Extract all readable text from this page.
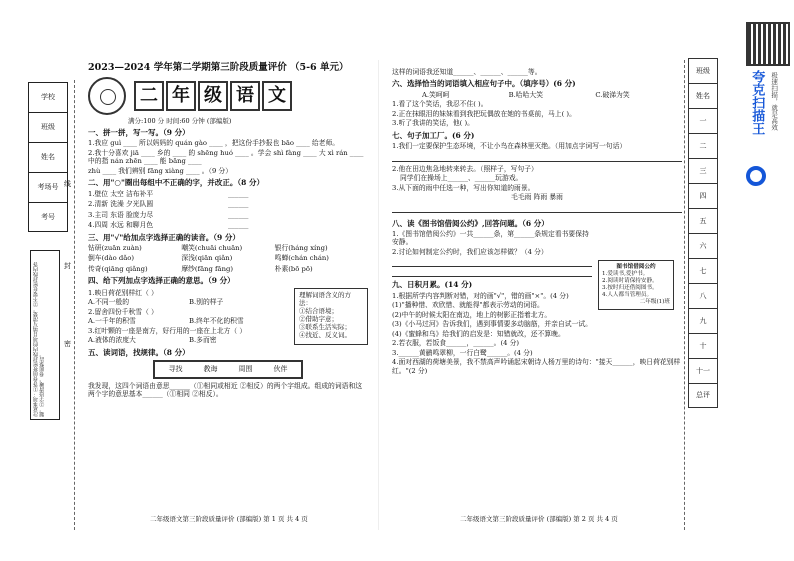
学校
班级
姓名
考场号
考号
注意事项：①答卷前将密封线内的项目填写清楚。②不要在密封线内答题。③字迹清晰，卷面整洁。
线
封
密
2023—2024 学年第二学期第三阶段质量评价 （5-6 单元）
二 年 级 语 文
满分:100 分 时间:60 分钟 (部编版)
一、拼一拼，写一写。（9 分）
1.我应 guì ____ 所以妈妈的 quán gào ____ ，把这份手抄报也 bāo ____ 给老师。
2.我十分喜欢 jiā ____ 乡的 ____ 的 shēng huó ____ 。学会 shì fàng ____ 大 xì rán ____ 中的指 nán zhēn ____ 能 bāng ____
zhù ____ 我们辨别 fāng xiàng ____ 。（9 分）
二、用"○"圈出每组中不正确的字，并改正。（8 分）
1.壁位 太空 洁布补平	______
2.清新 洗澡 夕光队圆	______
3.主司 东语 脸庞力尽	______
4.四周 水远 和聊月色	______
三、用"√"给加点字选择正确的读音。（9 分）
钻研(zuān zuàn)	嘲笑(chuāi chuān)	银行(háng xíng)
倒车(dào dǎo)	深浅(qiān qiǎn)	鸣蝉(chán chán)
传奇(qiāng qiǎng)	摩纱(fāng fāng)	朴素(bō pō)
四、给下列加点字选择正确的意思。（9 分）
1.映日荷花别样红（ ）
A.不同一般的	B.别的样子
2.留舍四份千秋雪（ ）
A.一千年的积雪	B.终年不化的积雪
3.红叶颗的一座是南方，好行用的一座在上北方（ ）
A.液体的浓度大	B.多而密
理解词语含义的方法：
①结合语境；
②借助字意；
③联系生活实际；
④找近、反义词。
五、读词语，找规律。（8 分）
寻找	教诲	周围	伙伴
我发现，这四个词语由意思______（①相同或相近 ②相反）的两个字组成。组成的词语和这两个字的意思基本______（①相同 ②相反）。
二年级语文第三阶段质量评价 (部编版) 第 1 页 共 4 页
这样的词语我还知道______、______、______等。
六、选择恰当的词语填入相应句子中。（填序号）(6 分)
A.笑呵呵	B.哈哈大笑	C.破涕为笑
1.看了这个笑话，我忍不住( )。
2.正在抹眼泪的妹妹看到我把玩偶放在她的书桌前，马上( )。
3.听了我讲的笑话，他( )。
七、句子加工厂。(6 分)
1.我们一定要保护生态环境，不让小鸟在森林里灭绝。（用加点字词写一句话）
2.他在田边焦急地转来转去。（照样子，写句子）
同学们在操场上______、______玩游戏。
3.从下面的雨中任选一种，写出你知道的雨景。
毛毛雨 阵雨 暴雨
八、读《图书馆借阅公约》,回答问题。（6 分）
1.《图书馆借阅公约》一共______条，第______条规定看书要保持安静。
2.讨论如何制定公约时，我们应该怎样做？（4 分）
九、日积月累。(14 分)
1.根据所学内容判断对错，对的画"√"，错的画"×"。(4 分)
(1)"播种惜、欢欣惜、就能得"都表示劳动的词语。
(2)中午的时候太阳在南边，地上的树影正指着北方。
(3)《小马过河》告诉我们，遇到事情要多动脑筋，并亲自试一试。
(4)《蜜蜂和乌》给我们的启发是：知错就改，还不算晚。
2.若衣服，若饭食______，______。(4 分)
3.______黄鹂鸣翠柳，一行白鹭______。(4 分)
4.面对西湖的荷塘美景，我不禁高声吟诵起宋朝诗人杨万里的诗句："接天______，映日荷花别样红。"(2 分)
二年级语文第三阶段质量评价 (部编版) 第 2 页 共 4 页
图书馆借阅公约
1.爱读书,爱护书。
2.阅读时请保持安静。
3.按时归还借阅图书。
4.人人都当管理员。
二年级(1)班
班级
姓名
一
二
三
四
五
六
七
八
九
十
十一
总评
夸克扫描王 极速扫描，就是高效
